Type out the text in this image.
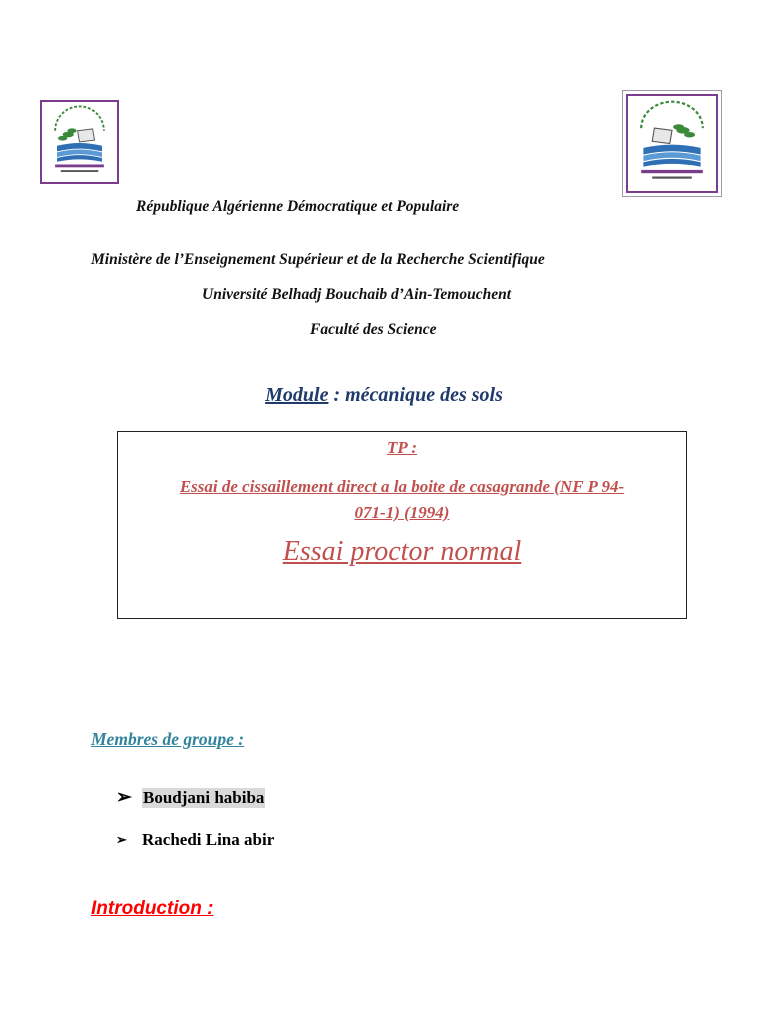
République Algérienne Démocratique et Populaire
Ministère de l’Enseignement Supérieur et de la Recherche Scientifique
Université Belhadj Bouchaib d’Ain-Temouchent
Faculté des Science
Module : mécanique des sols
TP :
Essai de cissaillement direct a la boite de casagrande (NF P 94-
071-1) (1994)
Essai proctor normal
Membres de groupe :
➢ Boudjani habiba
➢ Rachedi Lina abir
Introduction :
